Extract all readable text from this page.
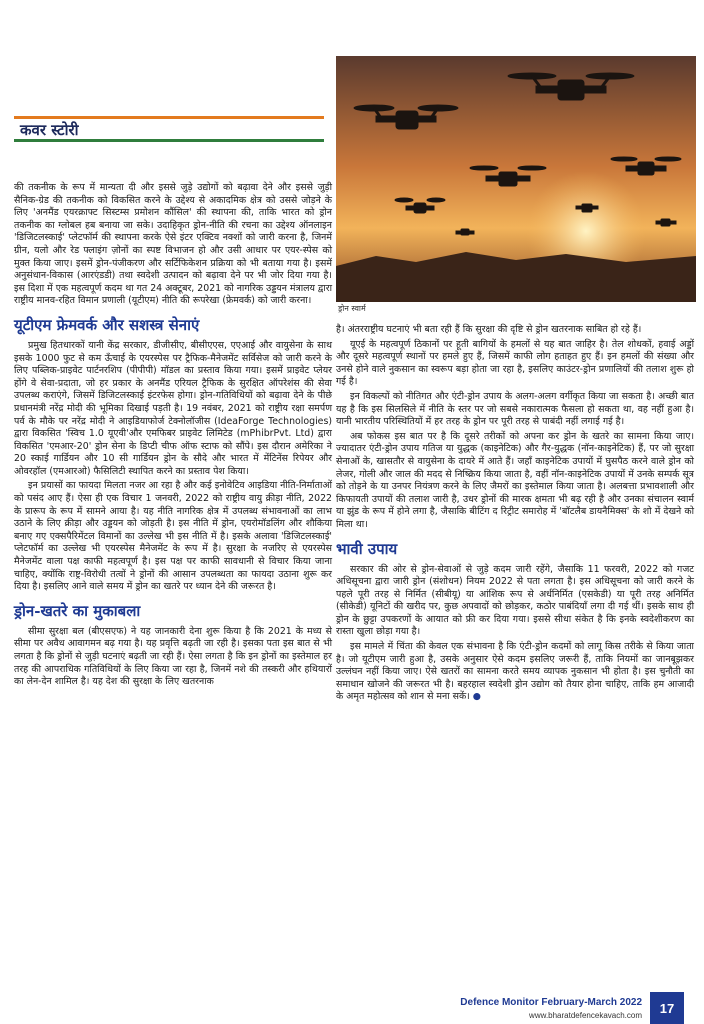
कवर स्टोरी
ड्रोन स्वार्म

की तकनीक के रूप में मान्यता दी और इससे जुड़े उद्योगों को बढ़ावा देने और इससे जुड़ी सैनिक-ग्रेड की तकनीक को विकसित करने के उद्देश्य से अकादमिक क्षेत्र को उससे जोड़ने के लिए 'अनमैंड एयरक्राफ्ट सिस्टम्स प्रमोशन कौंसिल' की स्थापना की, ताकि भारत को ड्रोन तकनीक का ग्लोबल हब बनाया जा सके। उदाहिकृत ड्रोन-नीति की रचना का उद्देश्य ऑनलाइन 'डिजिटलस्काई' प्लेटफॉर्म की स्थापना करके ऐसे इंटर एक्टिव नक्शों को जारी करना है, जिनमें ग्रीन, यलो और रेड फ्लाइंग ज़ोनों का स्पष्ट विभाजन हो और उसी आधार पर एयर-स्पेस को मुक्त किया जाए। इसमें ड्रोन-पंजीकरण और सर्टिफिकेशन प्रक्रिया को भी बताया गया है। इसमें अनुसंधान-विकास (आरएंडडी) तथा स्वदेशी उत्पादन को बढ़ावा देने पर भी जोर दिया गया है। इस दिशा में एक महत्वपूर्ण कदम था गत 24 अक्टूबर, 2021 को नागरिक उड्डयन मंत्रालय द्वारा राष्ट्रीय मानव-रहित विमान प्रणाली (यूटीएम) नीति की रूपरेखा (फ्रेमवर्क) को जारी करना।

यूटीएम फ्रेमवर्क और सशस्त्र सेनाएं

प्रमुख हितधारकों यानी केंद्र सरकार, डीजीसीए, बीसीएएस, एएआई और वायुसेना के साथ इसके 1000 फुट से कम ऊँचाई के एयरस्पेस पर ट्रैफिक-मैनेजमेंट सर्विसेज को जारी करने के लिए पब्लिक-प्राइवेट पार्टनरशिप (पीपीपी) मॉडल का प्रस्ताव किया गया। इसमें प्राइवेट प्लेयर होंगे वे सेवा-प्रदाता, जो हर प्रकार के अनमैंड एरियल ट्रैफिक के सुरक्षित ऑपरेशंस की सेवा उपलब्ध कराएंगे, जिसमें डिजिटलस्काई इंटरफेस होगा। ड्रोन-गतिविधियों को बढ़ावा देने के पीछे प्रधानमंत्री नरेंद्र मोदी की भूमिका दिखाई पड़ती है। 19 नवंबर, 2021 को राष्ट्रीय रक्षा समर्पण पर्व के मौके पर नरेंद्र मोदी ने आइडियाफोर्ज टेक्नोलॉजीस (IdeaForge Technologies) द्वारा विकसित 'स्विच 1.0 यूएवी'और एमफिबर प्राइवेट लिमिटेड (mPhibrPvt. Ltd) द्वारा विकसित 'एमआर-20' ड्रोन सेना के डिप्टी चीफ ऑफ स्टाफ को सौंपे। इस दौरान अमेरिका ने 20 स्काई गार्डियन और 10 सी गार्डियन ड्रोन के सौदे और भारत में मेंटिनेंस रिपेयर और ओवरहॉल (एमआरओ) फैसिलिटी स्थापित करने का प्रस्ताव पेश किया।

इन प्रयासों का फायदा मिलता नजर आ रहा है और कई इनोवेटिव आइडिया नीति-निर्माताओं को पसंद आए हैं। ऐसा ही एक विचार 1 जनवरी, 2022 को राष्ट्रीय वायु क्रीड़ा नीति, 2022 के प्रारूप के रूप में सामने आया है। यह नीति नागरिक क्षेत्र में उपलब्ध संभावनाओं का लाभ उठाने के लिए क्रीड़ा और उड्डयन को जोड़ती है। इस नीति में ड्रोन, एयरोमॉडलिंग और शौकिया बनाए गए एक्सपैरिमेंटल विमानों का उल्लेख भी इस नीति में है। इसके अलावा 'डिजिटलस्काई' प्लेटफॉर्म का उल्लेख भी एयरस्पेस मैनेजमेंट के रूप में है। सुरक्षा के नजरिए से एयरस्पेस मैनेजमेंट वाला पक्ष काफी महत्वपूर्ण है। इस पक्ष पर काफी सावधानी से विचार किया जाना चाहिए, क्योंकि राष्ट्र-विरोधी तत्वों ने ड्रोनों की आसान उपलब्धता का फायदा उठाना शुरू कर दिया है। इसलिए आने वाले समय में ड्रोन का खतरे पर ध्यान देने की जरूरत है।

ड्रोन-खतरे का मुकाबला

सीमा सुरक्षा बल (बीएसएफ) ने यह जानकारी देना शुरू किया है कि 2021 के मध्य से सीमा पर अवैध आवागमन बढ़ गया है। यह प्रवृत्ति बढ़ती जा रही है। इसका पता इस बात से भी लगता है कि ड्रोनों से जुड़ी घटनाएं बढ़ती जा रही हैं। ऐसा लगता है कि इन ड्रोनों का इस्तेमाल हर तरह की आपराधिक गतिविधियों के लिए किया जा रहा है, जिनमें नशे की तस्करी और हथियारों का लेन-देन शामिल है। यह देश की सुरक्षा के लिए खतरनाक

है। अंतरराष्ट्रीय घटनाएं भी बता रही हैं कि सुरक्षा की दृष्टि से ड्रोन खतरनाक साबित हो रहे हैं।

यूएई के महत्वपूर्ण ठिकानों पर हूती बागियों के हमलों से यह बात जाहिर है। तेल शोधकों, हवाई अड्डों और दूसरे महत्वपूर्ण स्थानों पर हमले हुए हैं, जिसमें काफी लोग हताहत हुए हैं। इन हमलों की संख्या और उनसे होने वाले नुकसान का स्वरूप बड़ा होता जा रहा है, इसलिए काउंटर-ड्रोन प्रणालियों की तलाश शुरू हो गई है।

इन विकल्पों को नीतिगत और एंटी-ड्रोन उपाय के अलग-अलग वर्गीकृत किया जा सकता है। अच्छी बात यह है कि इस सिलसिले में नीति के स्तर पर जो सबसे नकारात्मक फैसला हो सकता था, वह नहीं हुआ है। यानी भारतीय परिस्थितियों में हर तरह के ड्रोन पर पूरी तरह से पाबंदी नहीं लगाई गई है।

अब फोकस इस बात पर है कि दूसरे तरीकों को अपना कर ड्रोन के खतरे का सामना किया जाए। ज्यादातर एंटी-ड्रोन उपाय गतिज या युद्धक (काइनेटिक) और गैर-युद्धक (नॉन-काइनेटिक) हैं, पर जो सुरक्षा सेनाओं के, खासतौर से वायुसेना के दायरे में आते हैं। जहाँ काइनेटिक उपायों में घुसपैठ करने वाले ड्रोन को लेजर, गोली और जाल की मदद से निष्क्रिय किया जाता है, वहीं नॉन-काइनेटिक उपायों में उनके सम्पर्क सूत्र को तोड़ने के या उनपर नियंत्रण करने के लिए जैमरों का इस्तेमाल किया जाता है। अलबत्ता प्रभावशाली और किफायती उपायों की तलाश जारी है, उधर ड्रोनों की मारक क्षमता भी बढ़ रही है और उनका संचालन स्वार्म या झुंड के रूप में होने लगा है, जैसाकि बीटिंग द रिट्रीट समारोह में 'बॉटलैब डायनैमिक्स' के शो में देखने को मिला था।

भावी उपाय

सरकार की ओर से ड्रोन-सेवाओं से जुड़े कदम जारी रहेंगे, जैसाकि 11 फरवरी, 2022 को गजट अधिसूचना द्वारा जारी ड्रोन (संशोधन) नियम 2022 से पता लगता है। इस अधिसूचना को जारी करने के पहले पूरी तरह से निर्मित (सीबीयू) या आंशिक रूप से अर्धनिर्मित (एसकेडी) या पूरी तरह अनिर्मित (सीकेडी) यूनिटों की खरीद पर, कुछ अपवादों को छोड़कर, कठोर पाबंदियाँ लगा दी गई थीं। इसके साथ ही ड्रोन के छुट्टा उपकरणों के आयात को फ्री कर दिया गया। इससे सीधा संकेत है कि इनके स्वदेशीकरण का रास्ता खुला छोड़ा गया है।

इस मामले में चिंता की केवल एक संभावना है कि एंटी-ड्रोन कदमों को लागू किस तरीके से किया जाता है। जो यूटीएम जारी हुआ है, उसके अनुसार ऐसे कदम इसलिए जरूरी हैं, ताकि नियमों का जानबूझकर उल्लंघन नहीं किया जाए। ऐसे खतरों का सामना करते समय व्यापक नुकसान भी होता है। इस चुनौती का समाधान खोजने की जरूरत भी है। बहरहाल स्वदेशी ड्रोन उद्योग को तैयार होना चाहिए, ताकि हम आजादी के अमृत महोत्सव को शान से मना सकें। ●

Defence Monitor February-March 2022
www.bharatdefencekavach.com	17
